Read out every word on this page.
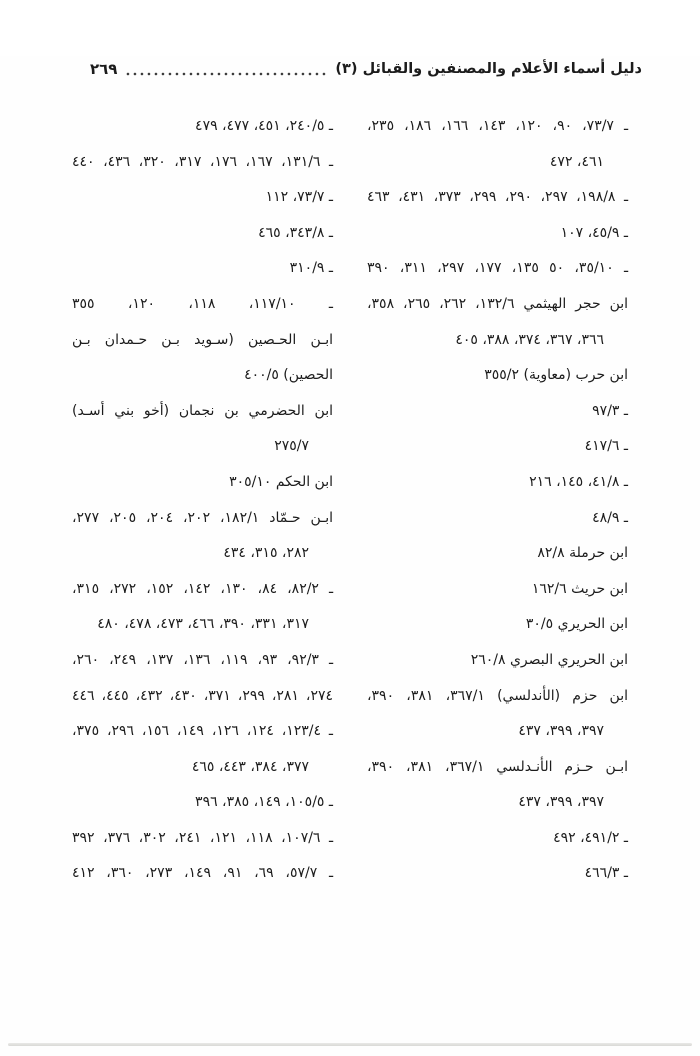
دليل أسماء الأعلام والمصنفين والقبائل (٣)
٢٦٩
ـ ٧٣/٧، ٩٠، ١٢٠، ١٤٣، ١٦٦، ١٨٦، ٢٣٥،
٤٦١، ٤٧٢
ـ ١٩٨/٨، ٢٩٧، ٢٩٠، ٢٩٩، ٣٧٣، ٤٣١، ٤٦٣
ـ ٤٥/٩، ١٠٧
ـ ٣٥/١٠، ٥٠ ١٣٥، ١٧٧، ٢٩٧، ٣١١، ٣٩٠
ابن حجر الهيثمي ١٣٢/٦، ٢٦٢، ٢٦٥، ٣٥٨،
٣٦٦، ٣٦٧، ٣٧٤، ٣٨٨، ٤٠٥
ابن حرب (معاوية) ٣٥٥/٢
ـ ٩٧/٣
ـ ٤١٧/٦
ـ ٤١/٨، ١٤٥، ٢١٦
ـ ٤٨/٩
ابن حرملة ٨٢/٨
ابن حريث ١٦٢/٦
ابن الحريري ٣٠/٥
ابن الحريري البصري ٢٦٠/٨
ابن حزم (الأندلسي) ٣٦٧/١، ٣٨١، ٣٩٠،
٣٩٧، ٣٩٩، ٤٣٧
ابـن حـزم الأنـدلسي ٣٦٧/١، ٣٨١، ٣٩٠،
٣٩٧، ٣٩٩، ٤٣٧
ـ ٤٩١/٢، ٤٩٢
ـ ٤٦٦/٣
ـ ٢٤٠/٥، ٤٥١، ٤٧٧، ٤٧٩
ـ ١٣١/٦، ١٦٧، ١٧٦، ٣١٧، ٣٢٠، ٤٣٦، ٤٤٠
ـ ٧٣/٧، ١١٢
ـ ٣٤٣/٨، ٤٦٥
ـ ٣١٠/٩
ـ ١١٧/١٠، ١١٨، ١٢٠، ٣٥٥
ابـن الحـصين (سـويد بـن حـمدان بـن
الحصين) ٤٠٠/٥
ابن الحضرمي بن نجمان (أخو بني أسـد)
٢٧٥/٧
ابن الحكم ٣٠٥/١٠
ابـن حـمّاد ١٨٢/١، ٢٠٢، ٢٠٤، ٢٠٥، ٢٧٧،
٢٨٢، ٣١٥، ٤٣٤
ـ ٨٢/٢، ٨٤، ١٣٠، ١٤٢، ١٥٢، ٢٧٢، ٣١٥،
٣١٧، ٣٣١، ٣٩٠، ٤٦٦، ٤٧٣، ٤٧٨، ٤٨٠
ـ ٩٢/٣، ٩٣، ١١٩، ١٣٦، ١٣٧، ٢٤٩، ٢٦٠،
٢٧٤، ٢٨١، ٢٩٩، ٣٧١، ٤٣٠، ٤٣٢، ٤٤٥، ٤٤٦
ـ ١٢٣/٤، ١٢٤، ١٢٦، ١٤٩، ١٥٦، ٢٩٦، ٣٧٥،
٣٧٧، ٣٨٤، ٤٤٣، ٤٦٥
ـ ١٠٥/٥، ١٤٩، ٣٨٥، ٣٩٦
ـ ١٠٧/٦، ١١٨، ١٢١، ٢٤١، ٣٠٢، ٣٧٦، ٣٩٢
ـ ٥٧/٧، ٦٩، ٩١، ١٤٩، ٢٧٣، ٣٦٠، ٤١٢
